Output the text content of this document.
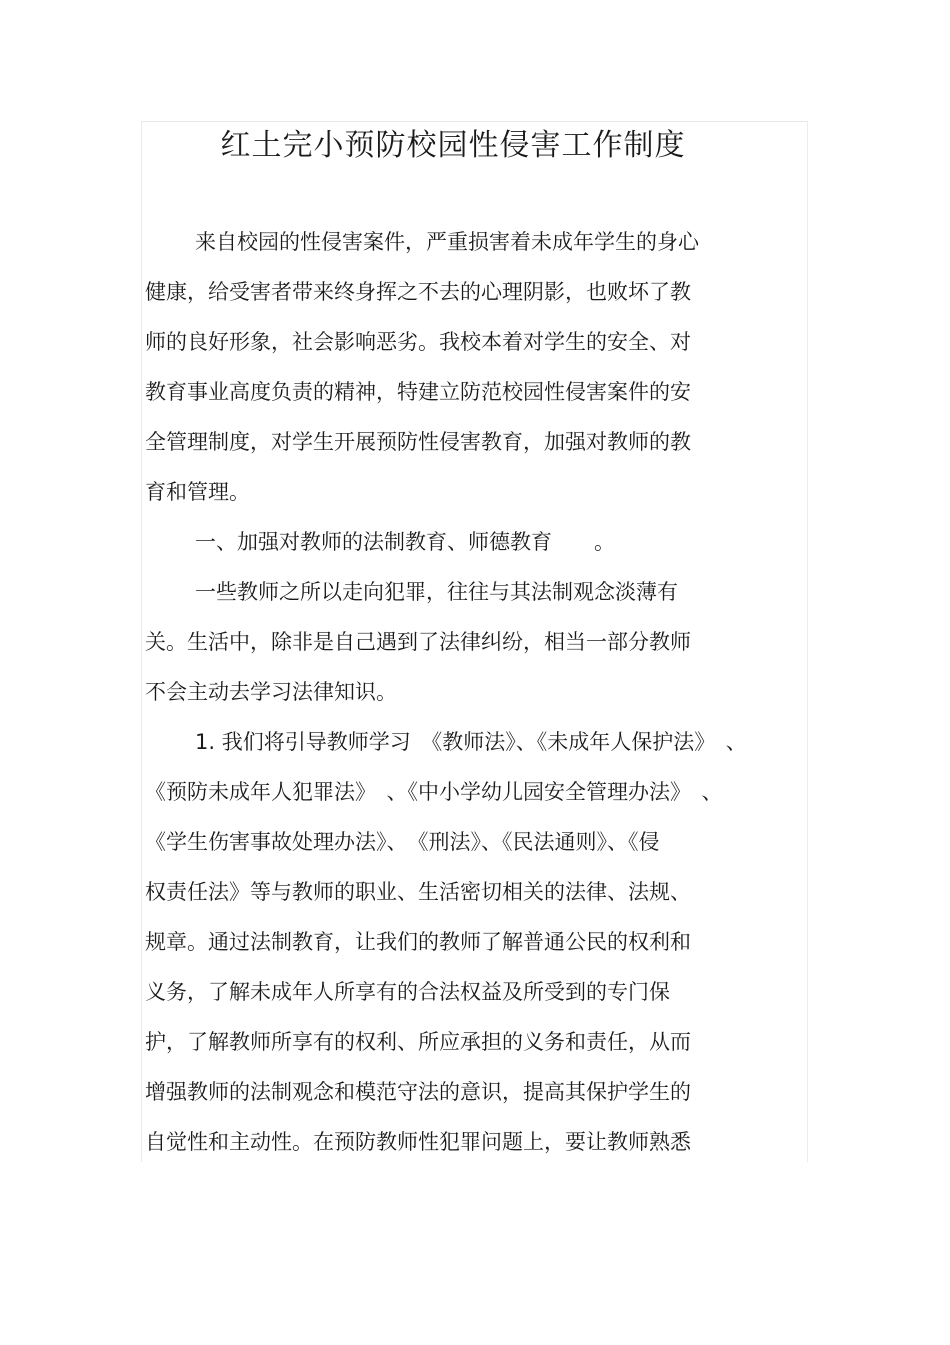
红土完小预防校园性侵害工作制度

来自校园的性侵害案件，严重损害着未成年学生的身心

健康，给受害者带来终身挥之不去的心理阴影，也败坏了教

师的良好形象，社会影响恶劣。我校本着对学生的安全、对

教育事业高度负责的精神，特建立防范校园性侵害案件的安

全管理制度，对学生开展预防性侵害教育，加强对教师的教

育和管理。

一、加强对教师的法制教育、师德教育　　。

一些教师之所以走向犯罪，往往与其法制观念淡薄有

关。生活中，除非是自己遇到了法律纠纷，相当一部分教师

不会主动去学习法律知识。

1. 我们将引导教师学习　《教师法》、《未成年人保护法》　、

《预防未成年人犯罪法》　、《中小学幼儿园安全管理办法》　、

《学生伤害事故处理办法》、　《刑法》、《民法通则》、《侵

权责任法》等与教师的职业、生活密切相关的法律、法规、

规章。通过法制教育，让我们的教师了解普通公民的权利和

义务，了解未成年人所享有的合法权益及所受到的专门保

护，了解教师所享有的权利、所应承担的义务和责任，从而

增强教师的法制观念和模范守法的意识，提高其保护学生的

自觉性和主动性。在预防教师性犯罪问题上，要让教师熟悉
